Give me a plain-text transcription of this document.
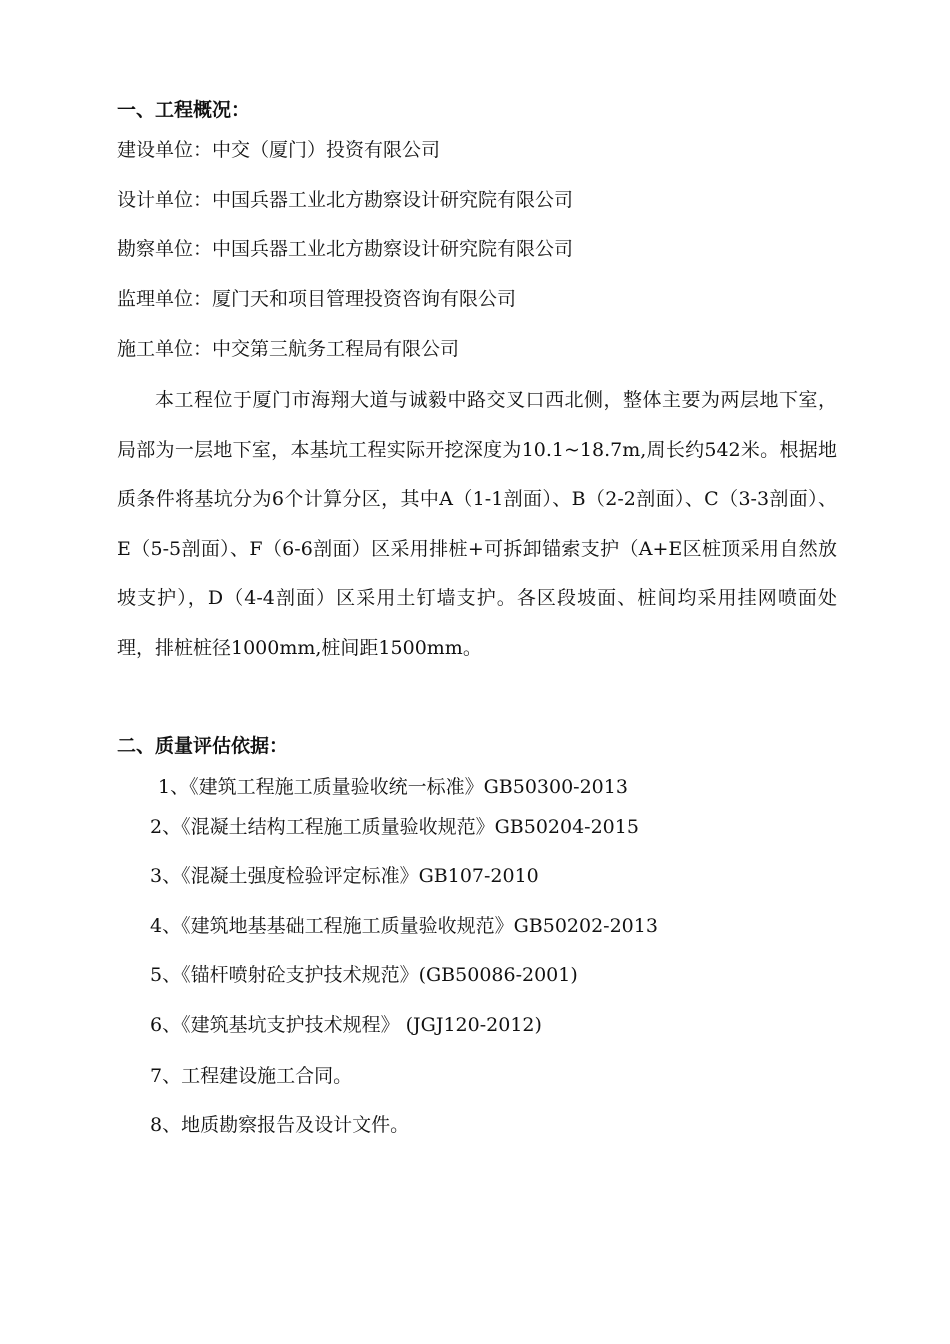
一、工程概况：
建设单位：中交（厦门）投资有限公司
设计单位：中国兵器工业北方勘察设计研究院有限公司
勘察单位：中国兵器工业北方勘察设计研究院有限公司
监理单位：厦门天和项目管理投资咨询有限公司
施工单位：中交第三航务工程局有限公司

本工程位于厦门市海翔大道与诚毅中路交叉口西北侧，整体主要为两层地下室，局部为一层地下室，本基坑工程实际开挖深度为10.1~18.7m,周长约542米。根据地质条件将基坑分为6个计算分区，其中A（1-1剖面）、B（2-2剖面）、C（3-3剖面）、E（5-5剖面）、F（6-6剖面）区采用排桩+可拆卸锚索支护（A+E区桩顶采用自然放坡支护），D（4-4剖面）区采用土钉墙支护。各区段坡面、桩间均采用挂网喷面处理，排桩桩径1000mm,桩间距1500mm。

二、质量评估依据：
1、《建筑工程施工质量验收统一标准》GB50300-2013
2、《混凝土结构工程施工质量验收规范》GB50204-2015
3、《混凝土强度检验评定标准》GB107-2010
4、《建筑地基基础工程施工质量验收规范》GB50202-2013
5、《锚杆喷射砼支护技术规范》(GB50086-2001)
6、《建筑基坑支护技术规程》 (JGJ120-2012)
7、工程建设施工合同。
8、地质勘察报告及设计文件。
